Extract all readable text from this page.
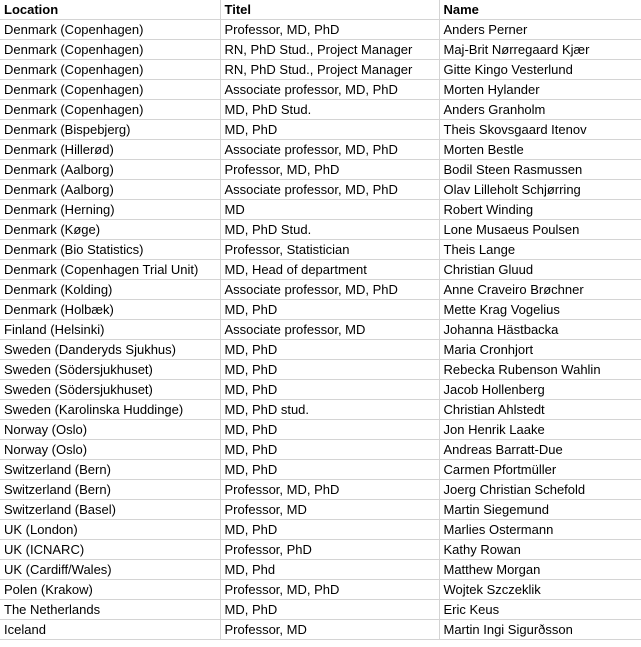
Location	Titel	Name
Denmark (Copenhagen)	Professor, MD, PhD	Anders Perner
Denmark (Copenhagen)	RN, PhD Stud., Project Manager	Maj-Brit Nørregaard Kjær
Denmark (Copenhagen)	RN, PhD Stud., Project Manager	Gitte Kingo Vesterlund
Denmark (Copenhagen)	Associate professor, MD, PhD	Morten Hylander
Denmark (Copenhagen)	MD, PhD Stud.	Anders Granholm
Denmark (Bispebjerg)	MD, PhD	Theis Skovsgaard Itenov
Denmark (Hillerød)	Associate professor, MD, PhD	Morten Bestle
Denmark (Aalborg)	Professor, MD, PhD	Bodil Steen Rasmussen
Denmark (Aalborg)	Associate professor, MD, PhD	Olav Lilleholt Schjørring
Denmark (Herning)	MD	Robert Winding
Denmark (Køge)	MD, PhD Stud.	Lone Musaeus Poulsen
Denmark (Bio Statistics)	Professor, Statistician	Theis Lange
Denmark (Copenhagen Trial Unit)	MD, Head of department	Christian Gluud
Denmark (Kolding)	Associate professor, MD, PhD	Anne Craveiro Brøchner
Denmark (Holbæk)	MD, PhD	Mette Krag Vogelius
Finland (Helsinki)	Associate professor, MD	Johanna Hästbacka
Sweden (Danderyds Sjukhus)	MD, PhD	Maria Cronhjort
Sweden (Södersjukhuset)	MD, PhD	Rebecka Rubenson Wahlin
Sweden (Södersjukhuset)	MD, PhD	Jacob Hollenberg
Sweden (Karolinska Huddinge)	MD, PhD stud.	Christian Ahlstedt
Norway (Oslo)	MD, PhD	Jon Henrik Laake
Norway (Oslo)	MD, PhD	Andreas Barratt-Due
Switzerland (Bern)	MD, PhD	Carmen Pfortmüller
Switzerland (Bern)	Professor, MD, PhD	Joerg Christian Schefold
Switzerland (Basel)	Professor, MD	Martin Siegemund
UK (London)	MD, PhD	Marlies Ostermann
UK (ICNARC)	Professor, PhD	Kathy Rowan
UK (Cardiff/Wales)	MD, Phd	Matthew Morgan
Polen (Krakow)	Professor, MD, PhD	Wojtek Szczeklik
The Netherlands	MD, PhD	Eric Keus
Iceland	Professor, MD	Martin Ingi Sigurðsson
